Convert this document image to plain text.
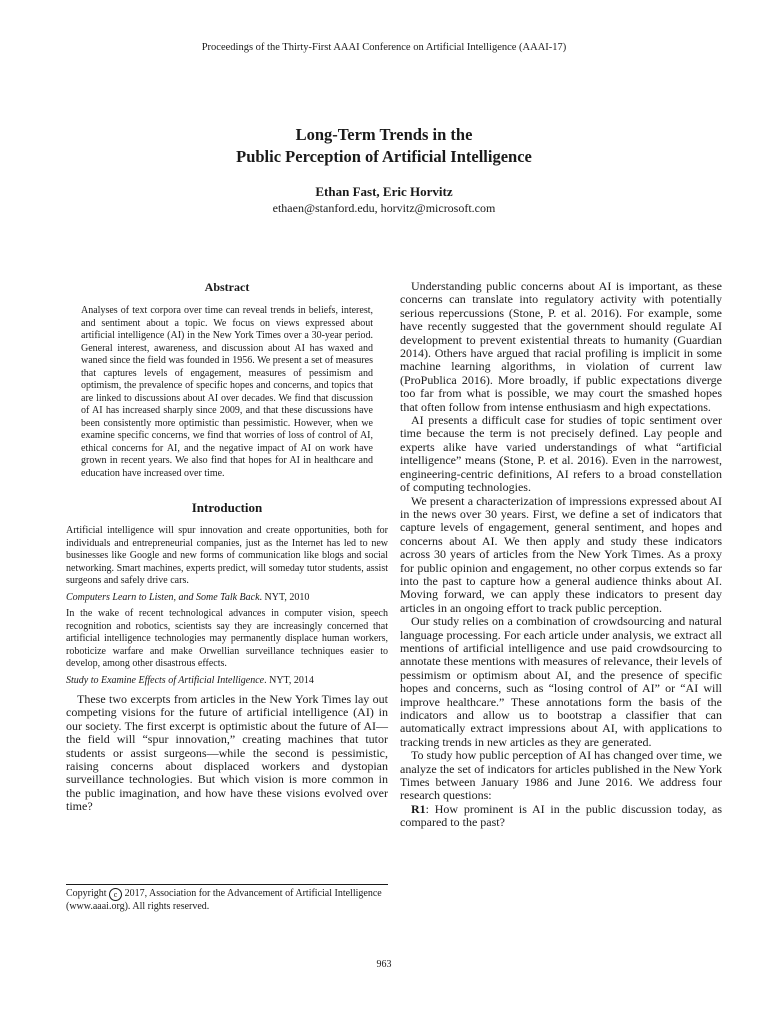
Proceedings of the Thirty-First AAAI Conference on Artificial Intelligence (AAAI-17)
Long-Term Trends in the
Public Perception of Artificial Intelligence
Ethan Fast, Eric Horvitz
ethaen@stanford.edu, horvitz@microsoft.com
Abstract

Analyses of text corpora over time can reveal trends in beliefs, interest, and sentiment about a topic. We focus on views expressed about artificial intelligence (AI) in the New York Times over a 30-year period. General interest, awareness, and discussion about AI has waxed and waned since the field was founded in 1956. We present a set of measures that captures levels of engagement, measures of pessimism and optimism, the prevalence of specific hopes and concerns, and topics that are linked to discussions about AI over decades. We find that discussion of AI has increased sharply since 2009, and that these discussions have been consistently more optimistic than pessimistic. However, when we examine specific concerns, we find that worries of loss of control of AI, ethical concerns for AI, and the negative impact of AI on work have grown in recent years. We also find that hopes for AI in healthcare and education have increased over time.

Introduction

Artificial intelligence will spur innovation and create opportunities, both for individuals and entrepreneurial companies, just as the Internet has led to new businesses like Google and new forms of communication like blogs and social networking. Smart machines, experts predict, will someday tutor students, assist surgeons and safely drive cars.

Computers Learn to Listen, and Some Talk Back. NYT, 2010

In the wake of recent technological advances in computer vision, speech recognition and robotics, scientists say they are increasingly concerned that artificial intelligence technologies may permanently displace human workers, roboticize warfare and make Orwellian surveillance techniques easier to develop, among other disastrous effects.

Study to Examine Effects of Artificial Intelligence. NYT, 2014

These two excerpts from articles in the New York Times lay out competing visions for the future of artificial intelligence (AI) in our society. The first excerpt is optimistic about the future of AI—the field will “spur innovation,” creating machines that tutor students or assist surgeons—while the second is pessimistic, raising concerns about displaced workers and dystopian surveillance technologies. But which vision is more common in the public imagination, and how have these visions evolved over time?

Understanding public concerns about AI is important, as these concerns can translate into regulatory activity with potentially serious repercussions (Stone, P. et al. 2016). For example, some have recently suggested that the government should regulate AI development to prevent existential threats to humanity (Guardian 2014). Others have argued that racial profiling is implicit in some machine learning algorithms, in violation of current law (ProPublica 2016). More broadly, if public expectations diverge too far from what is possible, we may court the smashed hopes that often follow from intense enthusiasm and high expectations.

AI presents a difficult case for studies of topic sentiment over time because the term is not precisely defined. Lay people and experts alike have varied understandings of what “artificial intelligence” means (Stone, P. et al. 2016). Even in the narrowest, engineering-centric definitions, AI refers to a broad constellation of computing technologies.

We present a characterization of impressions expressed about AI in the news over 30 years. First, we define a set of indicators that capture levels of engagement, general sentiment, and hopes and concerns about AI. We then apply and study these indicators across 30 years of articles from the New York Times. As a proxy for public opinion and engagement, no other corpus extends so far into the past to capture how a general audience thinks about AI. Moving forward, we can apply these indicators to present day articles in an ongoing effort to track public perception.

Our study relies on a combination of crowdsourcing and natural language processing. For each article under analysis, we extract all mentions of artificial intelligence and use paid crowdsourcing to annotate these mentions with measures of relevance, their levels of pessimism or optimism about AI, and the presence of specific hopes and concerns, such as “losing control of AI” or “AI will improve healthcare.” These annotations form the basis of the indicators and allow us to bootstrap a classifier that can automatically extract impressions about AI, with applications to tracking trends in new articles as they are generated.

To study how public perception of AI has changed over time, we analyze the set of indicators for articles published in the New York Times between January 1986 and June 2016. We address four research questions:

R1: How prominent is AI in the public discussion today, as compared to the past?

Copyright c 2017, Association for the Advancement of Artificial Intelligence (www.aaai.org). All rights reserved.
963
